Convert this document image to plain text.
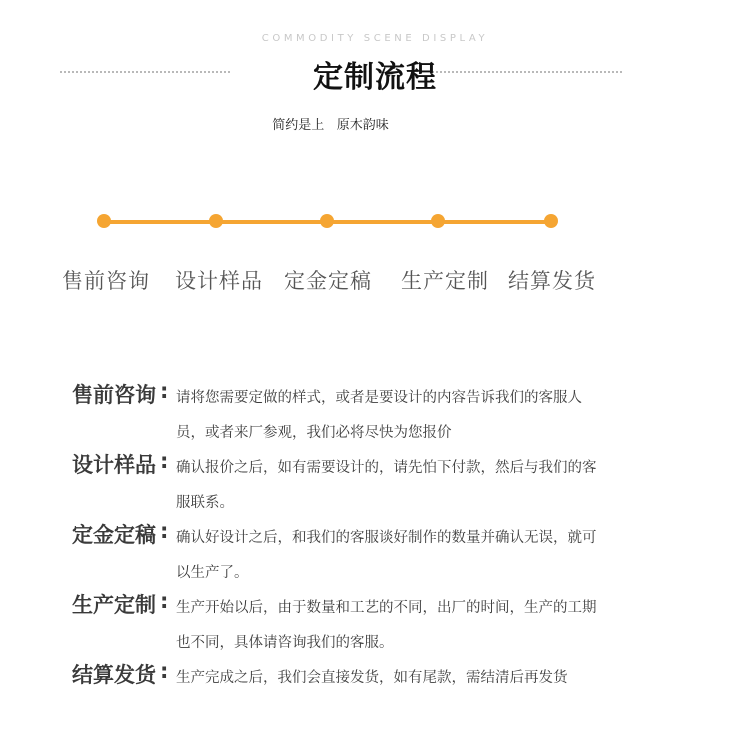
COMMODITY SCENE DISPLAY
定制流程
简约是上   原木韵味
售前咨询	设计样品	定金定稿	生产定制 结算发货
售前咨询 : 请将您需要定做的样式，或者是要设计的内容告诉我们的客服人员，或者来厂参观，我们必将尽快为您报价
设计样品 : 确认报价之后，如有需要设计的，请先怕下付款，然后与我们的客服联系。
定金定稿 : 确认好设计之后，和我们的客服谈好制作的数量并确认无误，就可以生产了。
生产定制 : 生产开始以后，由于数量和工艺的不同，出厂的时间，生产的工期也不同，具体请咨询我们的客服。
结算发货 : 生产完成之后，我们会直接发货，如有尾款，需结清后再发货
